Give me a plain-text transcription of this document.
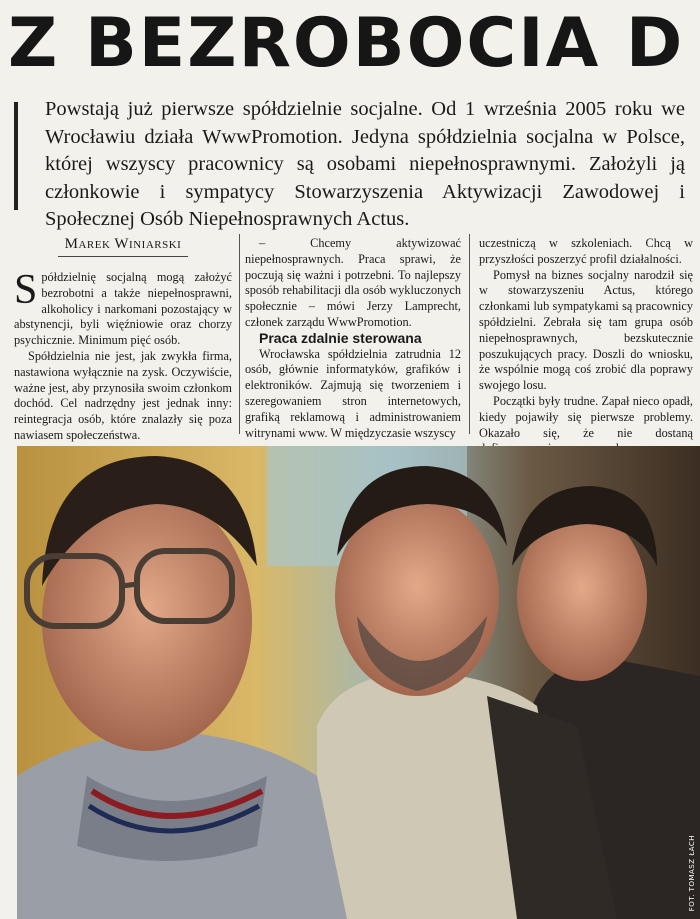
Z BEZROBOCIA D
Powstają już pierwsze spółdzielnie socjalne. Od 1 września 2005 roku we Wrocławiu działa WwwPromotion. Jedyna spółdzielnia socjalna w Polsce, której wszyscy pracownicy są osobami niepełnosprawnymi. Założyli ją członkowie i sympatycy Stowarzyszenia Aktywizacji Zawodowej i Społecznej Osób Niepełnosprawnych Actus.
Marek Winiarski

Spółdzielnię socjalną mogą założyć bezrobotni a także niepełnosprawni, alkoholicy i narkomani pozostający w abstynencji, byli więźniowie oraz chorzy psychicznie. Minimum pięć osób.

Spółdzielnia nie jest, jak zwykła firma, nastawiona wyłącznie na zysk. Oczywiście, ważne jest, aby przynosiła swoim członkom dochód. Cel nadrzędny jest jednak inny: reintegracja osób, które znalazły się poza nawiasem społeczeństwa.

– Chcemy aktywizować niepełnosprawnych. Praca sprawi, że poczują się ważni i potrzebni. To najlepszy sposób rehabilitacji dla osób wykluczonych społecznie – mówi Jerzy Lamprecht, członek zarządu WwwPromotion.

Praca zdalnie sterowana

Wrocławska spółdzielnia zatrudnia 12 osób, głównie informatyków, grafików i elektroników. Zajmują się tworzeniem i szeregowaniem stron internetowych, grafiką reklamową i administrowaniem witrynami www. W międzyczasie wszyscy

uczestniczą w szkoleniach. Chcą w przyszłości poszerzyć profil działalności.

Pomysł na biznes socjalny narodził się w stowarzyszeniu Actus, którego członkami lub sympatykami są pracownicy spółdzielni. Zebrała się tam grupa osób niepełnosprawnych, bezskutecznie poszukujących pracy. Doszli do wniosku, że wspólnie mogą coś zrobić dla poprawy swojego losu.

Początki były trudne. Zapał nieco opadł, kiedy pojawiły się pierwsze problemy. Okazało się, że nie dostaną

FOT. TOMASZ ŁACH
